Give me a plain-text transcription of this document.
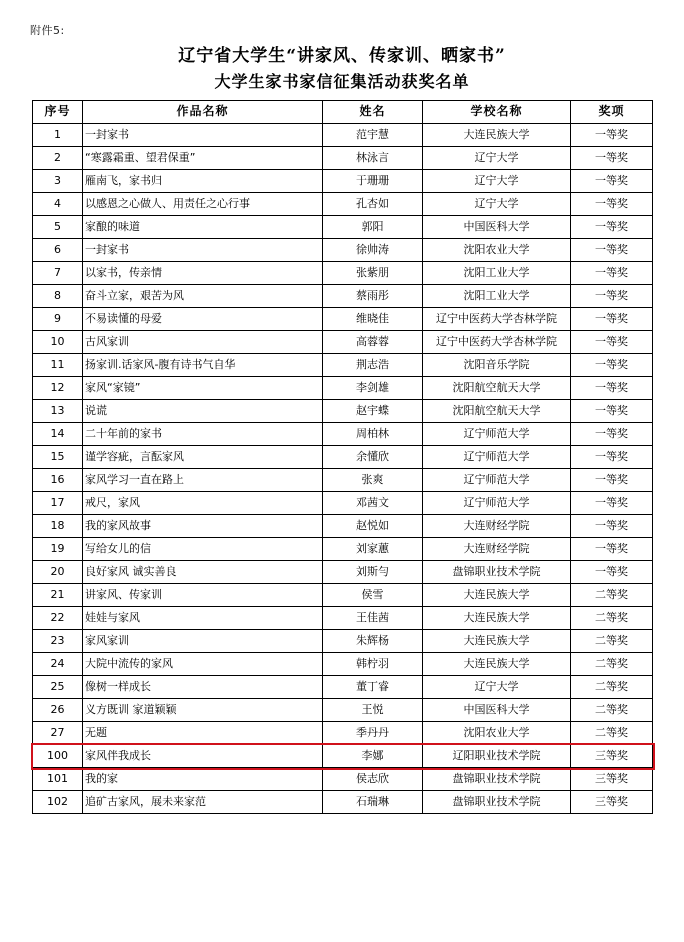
附件5:
辽宁省大学生“讲家风、传家训、晒家书”
大学生家书家信征集活动获奖名单
序号	作品名称	姓名	学校名称	奖项
1	一封家书	范宇慧	大连民族大学	一等奖
2	“寒露霜重、望君保重”	林泳言	辽宁大学	一等奖
3	雁南飞，家书归	于珊珊	辽宁大学	一等奖
4	以感恩之心做人、用责任之心行事	孔杏如	辽宁大学	一等奖
5	家酿的味道	郭阳	中国医科大学	一等奖
6	一封家书	徐帅涛	沈阳农业大学	一等奖
7	以家书，传亲情	张紫朋	沈阳工业大学	一等奖
8	奋斗立家，艰苦为风	蔡雨彤	沈阳工业大学	一等奖
9	不易读懂的母爱	维晓佳	辽宁中医药大学杏林学院	一等奖
10	古风家训	高蓉蓉	辽宁中医药大学杏林学院	一等奖
11	扬家训.话家风-腹有诗书气自华	荆志浩	沈阳音乐学院	一等奖
12	家风“家镜”	李剑雄	沈阳航空航天大学	一等奖
13	说谎	赵宇蝶	沈阳航空航天大学	一等奖
14	二十年前的家书	周柏林	辽宁师范大学	一等奖
15	谨学容疵，言酝家风	余懂欣	辽宁师范大学	一等奖
16	家风学习一直在路上	张爽	辽宁师范大学	一等奖
17	戒尺，家风	邓茜文	辽宁师范大学	一等奖
18	我的家风故事	赵悦如	大连财经学院	一等奖
19	写给女儿的信	刘家蕙	大连财经学院	一等奖
20	良好家风 诚实善良	刘斯勻	盘锦职业技术学院	一等奖
21	讲家风、传家训	侯雪	大连民族大学	二等奖
22	娃娃与家风	王佳茜	大连民族大学	二等奖
23	家风家训	朱辉杨	大连民族大学	二等奖
24	大院中流传的家风	韩柠羽	大连民族大学	二等奖
25	像树一样成长	董丁睿	辽宁大学	二等奖
26	义方既训 家道颖颖	王悦	中国医科大学	二等奖
27	无题	季丹丹	沈阳农业大学	二等奖
100	家风伴我成长	李娜	辽阳职业技术学院	三等奖
101	我的家	侯志欣	盘锦职业技术学院	三等奖
102	追矿古家风，展未来家范	石瑞琳	盘锦职业技术学院	三等奖
